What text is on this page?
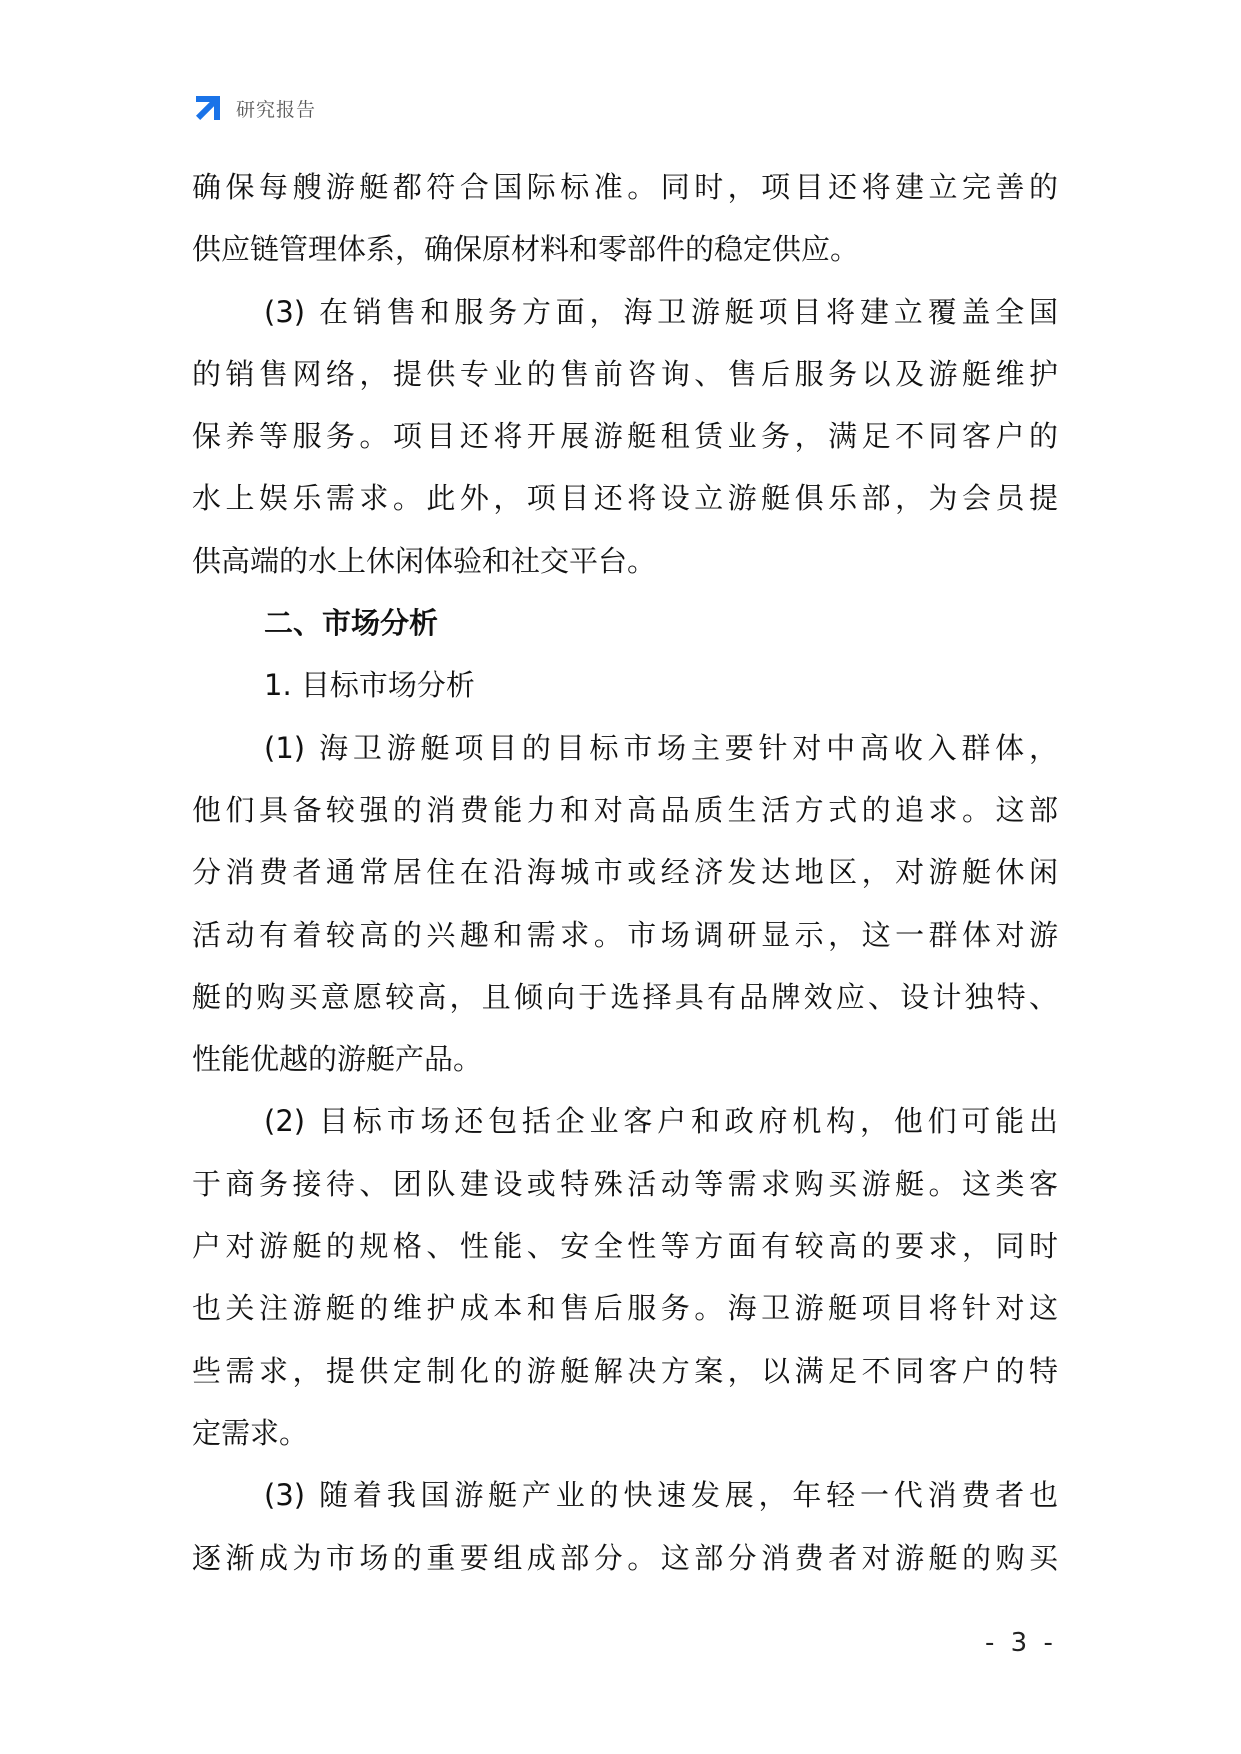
研究报告
确保每艘游艇都符合国际标准。同时，项目还将建立完善的
供应链管理体系，确保原材料和零部件的稳定供应。
(3) 在销售和服务方面，海卫游艇项目将建立覆盖全国
的销售网络，提供专业的售前咨询、售后服务以及游艇维护
保养等服务。项目还将开展游艇租赁业务，满足不同客户的
水上娱乐需求。此外，项目还将设立游艇俱乐部，为会员提
供高端的水上休闲体验和社交平台。
二、市场分析
1. 目标市场分析
(1) 海卫游艇项目的目标市场主要针对中高收入群体，
他们具备较强的消费能力和对高品质生活方式的追求。这部
分消费者通常居住在沿海城市或经济发达地区，对游艇休闲
活动有着较高的兴趣和需求。市场调研显示，这一群体对游
艇的购买意愿较高，且倾向于选择具有品牌效应、设计独特、
性能优越的游艇产品。
(2) 目标市场还包括企业客户和政府机构，他们可能出
于商务接待、团队建设或特殊活动等需求购买游艇。这类客
户对游艇的规格、性能、安全性等方面有较高的要求，同时
也关注游艇的维护成本和售后服务。海卫游艇项目将针对这
些需求，提供定制化的游艇解决方案，以满足不同客户的特
定需求。
(3) 随着我国游艇产业的快速发展，年轻一代消费者也
逐渐成为市场的重要组成部分。这部分消费者对游艇的购买
- 3 -
